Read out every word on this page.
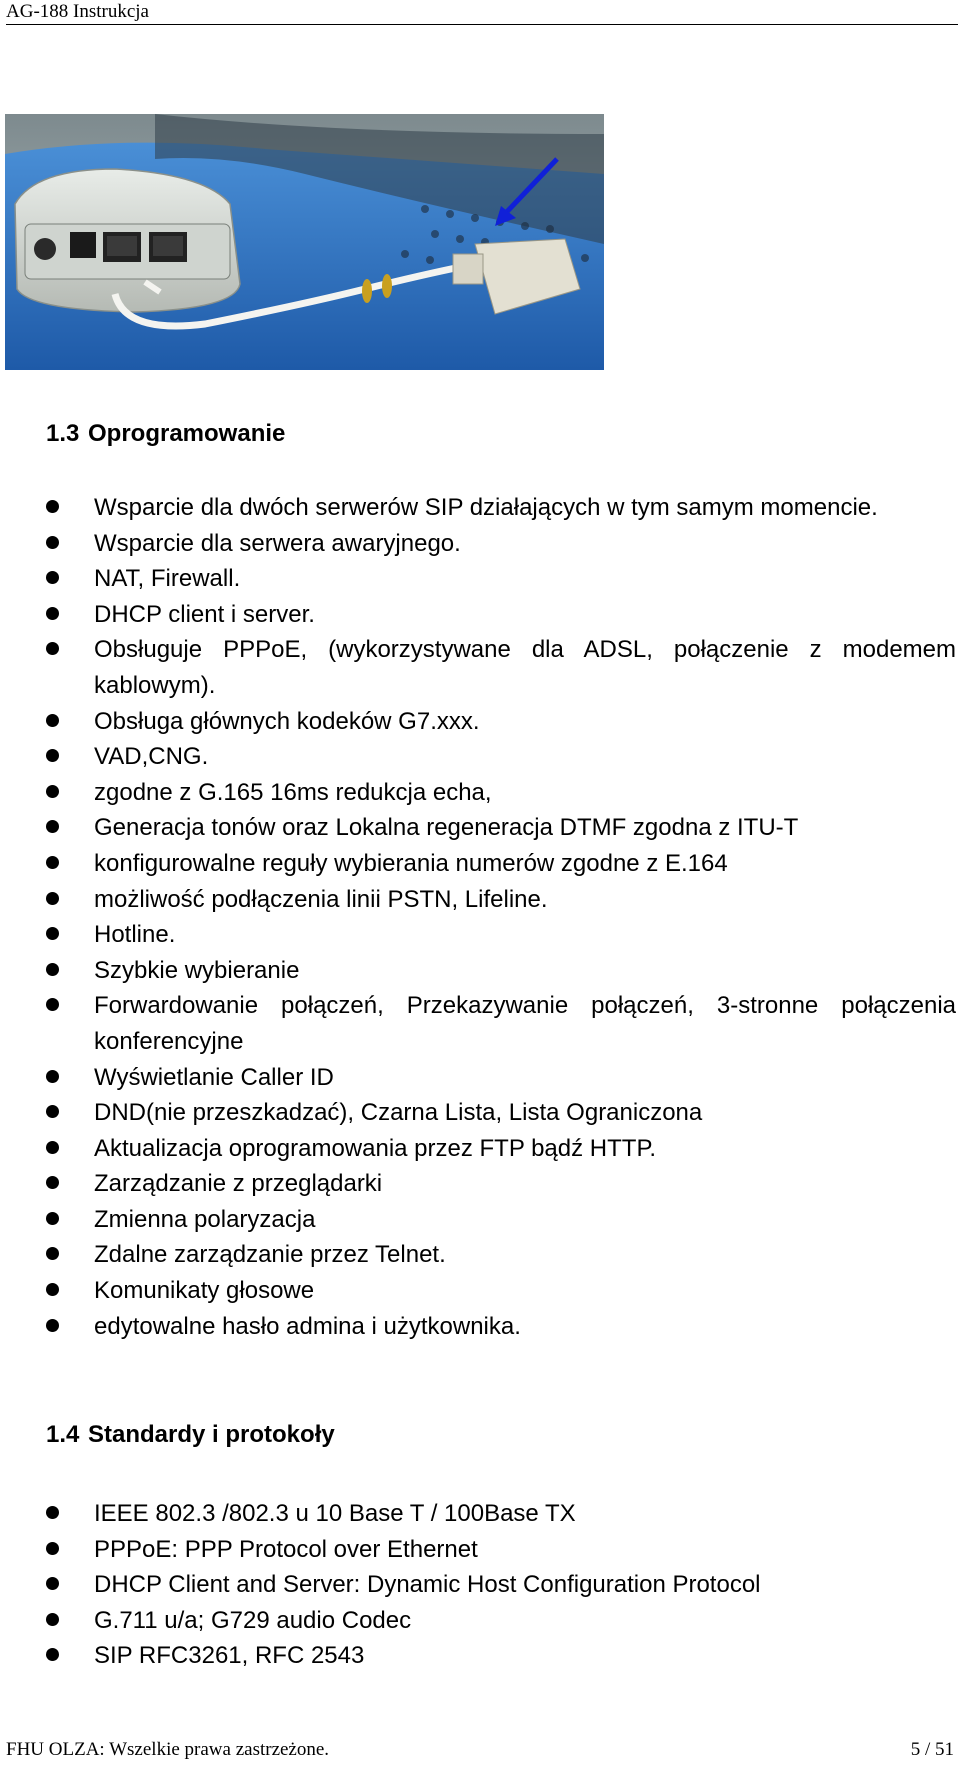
AG-188 Instrukcja
1.3 Oprogramowanie
Wsparcie dla dwóch serwerów SIP działających w tym samym momencie.
Wsparcie dla serwera awaryjnego.
NAT, Firewall.
DHCP client i server.
Obsługuje PPPoE, (wykorzystywane dla ADSL, połączenie z modemem kablowym).
Obsługa głównych kodeków G7.xxx.
VAD,CNG.
zgodne z G.165 16ms redukcja echa,
Generacja tonów oraz Lokalna regeneracja DTMF zgodna z ITU-T
konfigurowalne reguły wybierania numerów zgodne z E.164
możliwość podłączenia linii PSTN, Lifeline.
Hotline.
Szybkie wybieranie
Forwardowanie połączeń, Przekazywanie połączeń, 3-stronne połączenia konferencyjne
Wyświetlanie Caller ID
DND(nie przeszkadzać), Czarna Lista, Lista Ograniczona
Aktualizacja oprogramowania przez FTP bądź HTTP.
Zarządzanie z przeglądarki
Zmienna polaryzacja
Zdalne zarządzanie przez Telnet.
Komunikaty głosowe
edytowalne hasło admina i użytkownika.
1.4 Standardy i protokoły
IEEE 802.3 /802.3 u 10 Base T / 100Base TX
PPPoE: PPP Protocol over Ethernet
DHCP Client and Server: Dynamic Host Configuration Protocol
G.711 u/a; G729 audio Codec
SIP RFC3261, RFC 2543
FHU OLZA: Wszelkie prawa zastrzeżone.	5 / 51
